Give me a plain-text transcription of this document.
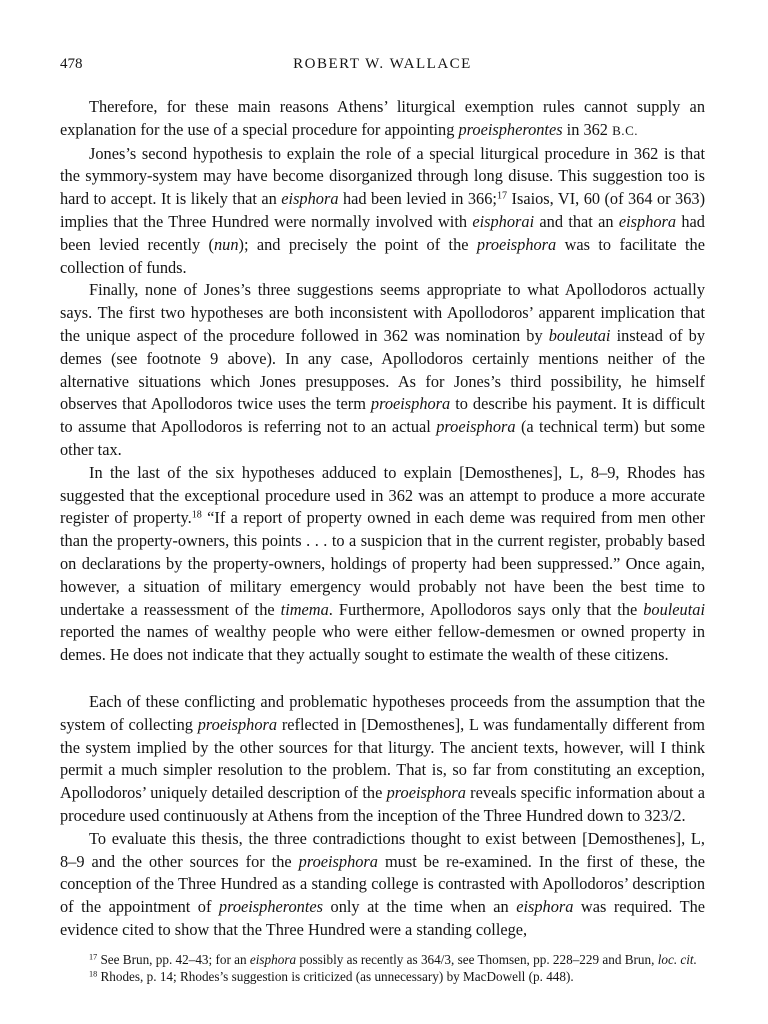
478	ROBERT W. WALLACE

Therefore, for these main reasons Athens’ liturgical exemption rules cannot supply an explanation for the use of a special procedure for appointing proeispherontes in 362 B.C.

Jones’s second hypothesis to explain the role of a special liturgical procedure in 362 is that the symmory-system may have become disorganized through long disuse. This suggestion too is hard to accept. It is likely that an eisphora had been levied in 366;$^{17}$ Isaios, VI, 60 (of 364 or 363) implies that the Three Hundred were normally involved with eisphorai and that an eisphora had been levied recently (nun); and precisely the point of the proeisphora was to facilitate the collection of funds.

Finally, none of Jones’s three suggestions seems appropriate to what Apollodoros actually says. The first two hypotheses are both inconsistent with Apollodoros’ apparent implication that the unique aspect of the procedure followed in 362 was nomination by bouleutai instead of by demes (see footnote 9 above). In any case, Apollodoros certainly mentions neither of the alternative situations which Jones presupposes. As for Jones’s third possibility, he himself observes that Apollodoros twice uses the term proeisphora to describe his payment. It is difficult to assume that Apollodoros is referring not to an actual proeisphora (a technical term) but some other tax.

In the last of the six hypotheses adduced to explain [Demosthenes], L, 8–9, Rhodes has suggested that the exceptional procedure used in 362 was an attempt to produce a more accurate register of property.$^{18}$ “If a report of property owned in each deme was required from men other than the property-owners, this points . . . to a suspicion that in the current register, probably based on declarations by the property-owners, holdings of property had been suppressed.” Once again, however, a situation of military emergency would probably not have been the best time to undertake a reassessment of the timema. Furthermore, Apollodoros says only that the bouleutai reported the names of wealthy people who were either fellow-demesmen or owned property in demes. He does not indicate that they actually sought to estimate the wealth of these citizens.

Each of these conflicting and problematic hypotheses proceeds from the assumption that the system of collecting proeisphora reflected in [Demosthenes], L was fundamentally different from the system implied by the other sources for that liturgy. The ancient texts, however, will I think permit a much simpler resolution to the problem. That is, so far from constituting an exception, Apollodoros’ uniquely detailed description of the proeisphora reveals specific information about a procedure used continuously at Athens from the inception of the Three Hundred down to 323/2.

To evaluate this thesis, the three contradictions thought to exist between [Demosthenes], L, 8–9 and the other sources for the proeisphora must be re-examined. In the first of these, the conception of the Three Hundred as a standing college is contrasted with Apollodoros’ description of the appointment of proeispherontes only at the time when an eisphora was required. The evidence cited to show that the Three Hundred were a standing college,

$^{17}$ See Brun, pp. 42–43; for an eisphora possibly as recently as 364/3, see Thomsen, pp. 228–229 and Brun, loc. cit.

$^{18}$ Rhodes, p. 14; Rhodes’s suggestion is criticized (as unnecessary) by MacDowell (p. 448).
